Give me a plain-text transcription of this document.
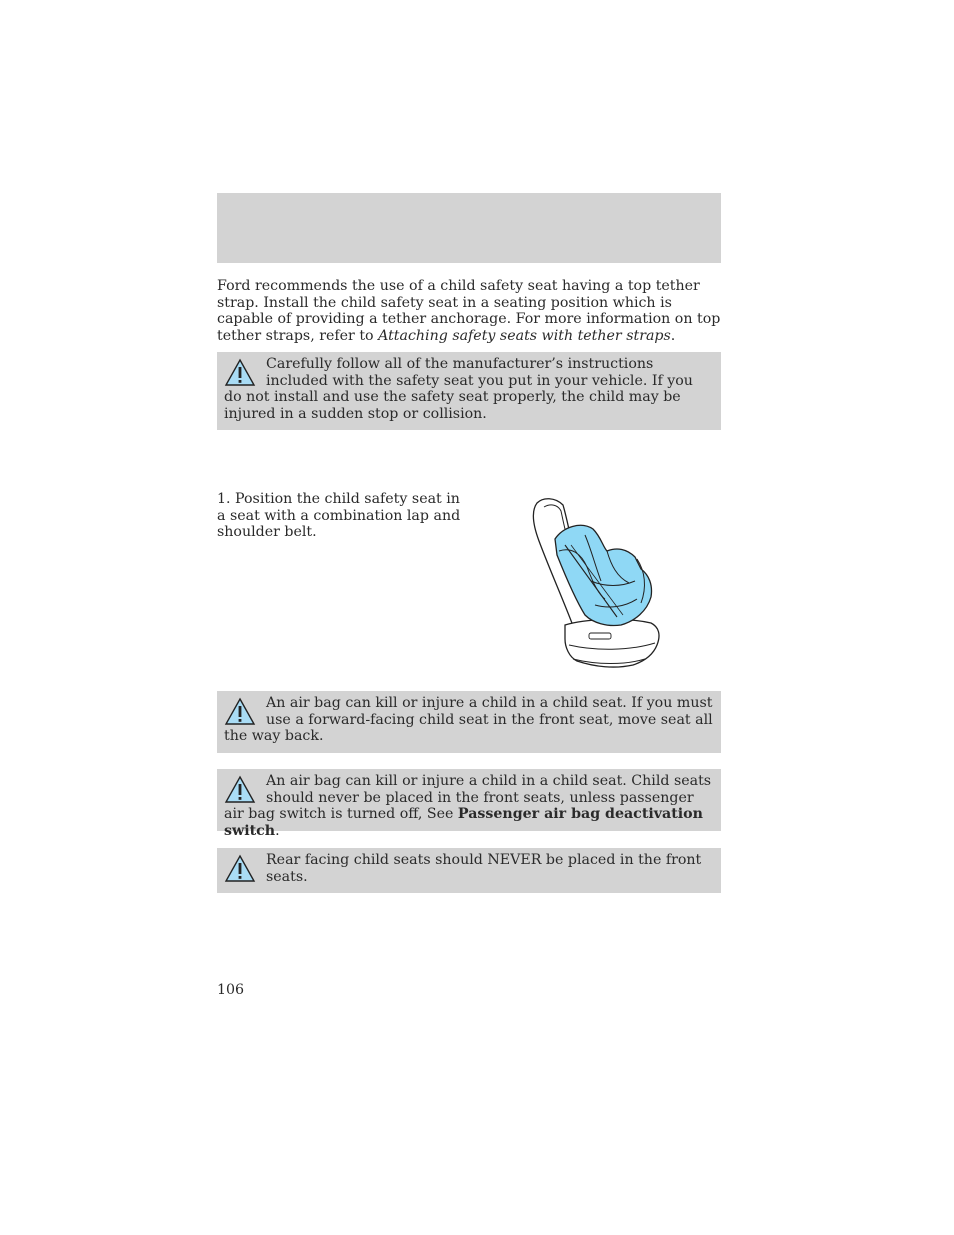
Ford recommends the use of a child safety seat having a top tether strap. Install the child safety seat in a seating position which is capable of providing a tether anchorage. For more information on top tether straps, refer to Attaching safety seats with tether straps.

Carefully follow all of the manufacturer’s instructions included with the safety seat you put in your vehicle. If you do not install and use the safety seat properly, the child may be injured in a sudden stop or collision.

1. Position the child safety seat in a seat with a combination lap and shoulder belt.

An air bag can kill or injure a child in a child seat. If you must use a forward-facing child seat in the front seat, move seat all the way back.

An air bag can kill or injure a child in a child seat. Child seats should never be placed in the front seats, unless passenger air bag switch is turned off, See Passenger air bag deactivation switch.

Rear facing child seats should NEVER be placed in the front seats.

106
